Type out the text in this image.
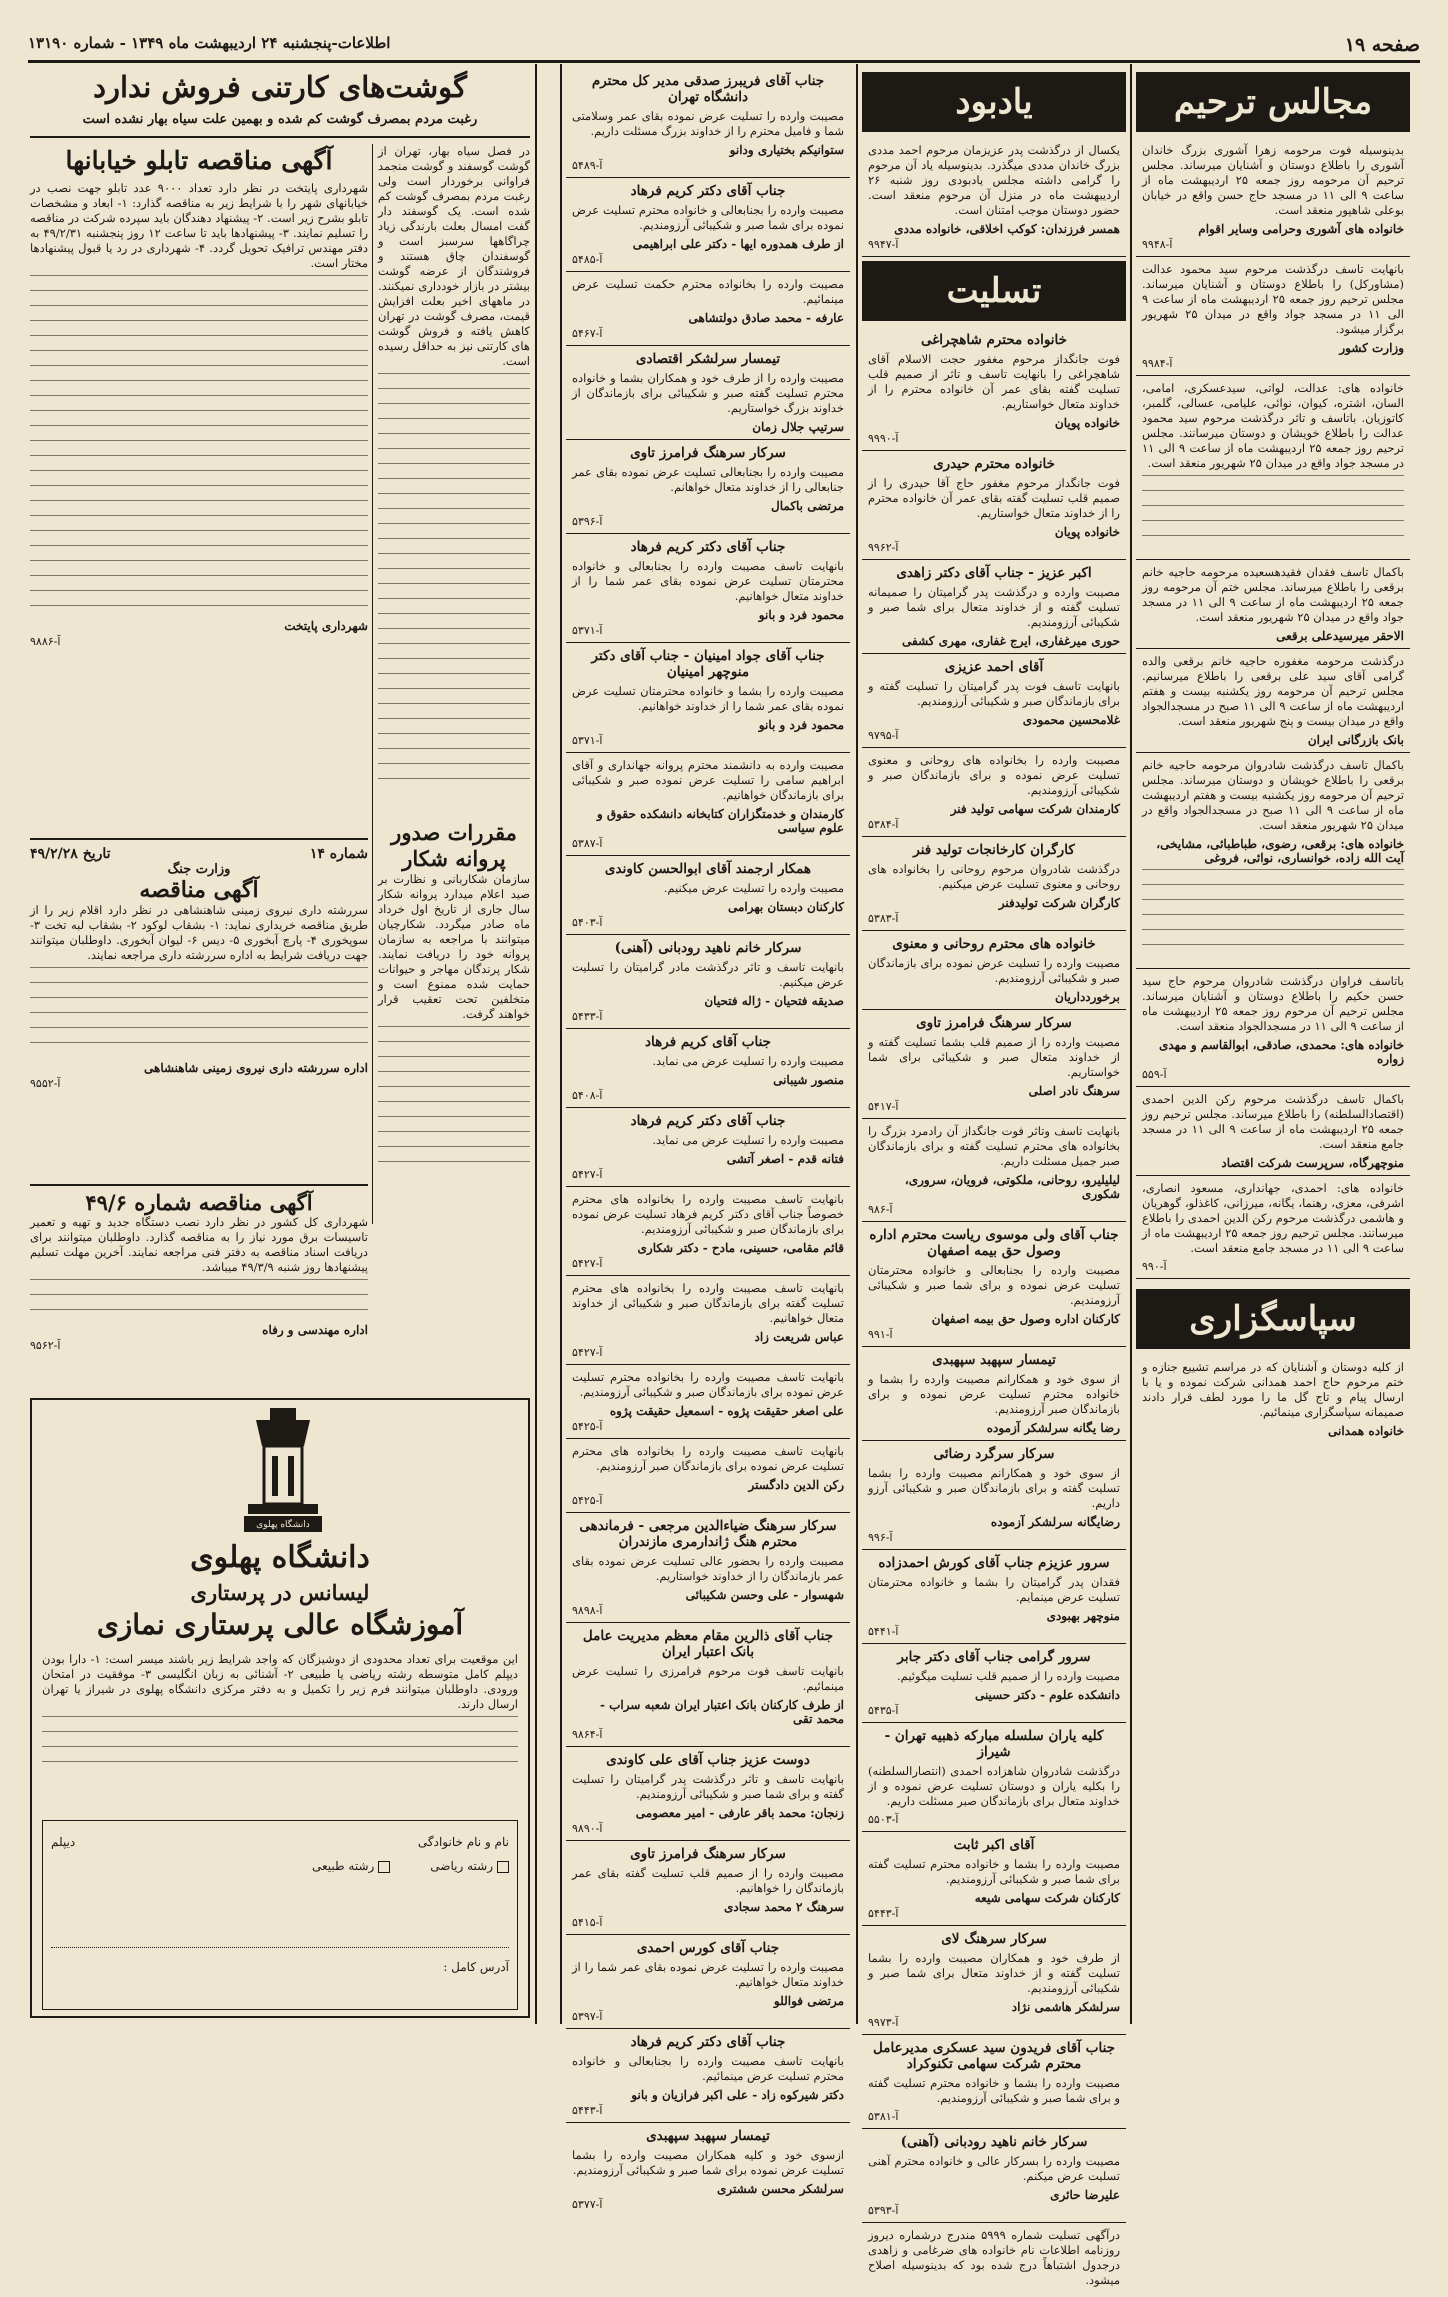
صفحه ۱۹
اطلاعات-پنجشنبه ۲۴ اردیبهشت ماه ۱۳۴۹ - شماره ۱۳۱۹۰
مجالس ترحیم

بدینوسیله فوت مرحومه زهرا آشوری بزرگ خاندان آشوری را باطلاع دوستان و آشنایان میرساند. مجلس ترحیم آن مرحومه روز جمعه ۲۵ اردیبهشت ماه از ساعت ۹ الی ۱۱ در مسجد حاج حسن واقع در خیابان بوعلی شاهپور منعقد است.

خانواده های آشوری وحرامی وسایر اقوام

آ-۹۹۴۸

بانهایت تاسف درگذشت مرحوم سید محمود عدالت (مشاورکل) را باطلاع دوستان و آشنایان میرساند. مجلس ترحیم روز جمعه ۲۵ اردیبهشت ماه از ساعت ۹ الی ۱۱ در مسجد جواد واقع در میدان ۲۵ شهریور برگزار میشود.

وزارت کشور

آ-۹۹۸۴

خانواده های: عدالت، لواتی، سیدعسکری، امامی، السان، اشتره، کیوان، نوائی، علیامی، عسالی، گلمبر، کاتوزیان. باتاسف و تاثر درگذشت مرحوم سید محمود عدالت را باطلاع خویشان و دوستان میرسانند. مجلس ترحیم روز جمعه ۲۵ اردیبهشت ماه از ساعت ۹ الی ۱۱ در مسجد جواد واقع در میدان ۲۵ شهریور منعقد است.

باکمال تاسف فقدان فقیدهسعیده مرحومه حاجیه خانم برقعی را باطلاع میرساند. مجلس ختم آن مرحومه روز جمعه ۲۵ اردیبهشت ماه از ساعت ۹ الی ۱۱ در مسجد جواد واقع در میدان ۲۵ شهریور منعقد است.

الاحقر میرسیدعلی برقعی

درگذشت مرحومه مغفوره حاجیه خانم برقعی والده گرامی آقای سید علی برقعی را باطلاع میرسانیم. مجلس ترحیم آن مرحومه روز یکشنبه بیست و هفتم اردیبهشت ماه از ساعت ۹ الی ۱۱ صبح در مسجدالجواد واقع در میدان بیست و پنج شهریور منعقد است.

بانک بازرگانی ایران

باکمال تاسف درگذشت شادروان مرحومه حاجیه خانم برقعی را باطلاع خویشان و دوستان میرساند. مجلس ترحیم آن مرحومه روز یکشنبه بیست و هفتم اردیبهشت ماه از ساعت ۹ الی ۱۱ صبح در مسجدالجواد واقع در میدان ۲۵ شهریور منعقد است.

خانواده های: برقعی، رضوی، طباطبائی، مشایخی، آیت الله زاده، خوانساری، نوائی، فروغی

باتاسف فراوان درگذشت شادروان مرحوم حاج سید حسن حکیم را باطلاع دوستان و آشنایان میرساند. مجلس ترحیم آن مرحوم روز جمعه ۲۵ اردیبهشت ماه از ساعت ۹ الی ۱۱ در مسجدالجواد منعقد است.

خانواده های: محمدی، صادقی، ابوالقاسم و مهدی زواره

آ-۵۵۹

باکمال تاسف درگذشت مرحوم رکن الدین احمدی (اقتصادالسلطنه) را باطلاع میرساند. مجلس ترحیم روز جمعه ۲۵ اردیبهشت ماه از ساعت ۹ الی ۱۱ در مسجد جامع منعقد است.

منوچهرگاه، سرپرست شرکت اقتصاد

خانواده های: احمدی، جهانداری، مسعود انصاری، اشرفی، معزی، رهنما، یگانه، میرزانی، کاغذلو، گوهریان و هاشمی درگذشت مرحوم رکن الدین احمدی را باطلاع میرسانند. مجلس ترحیم روز جمعه ۲۵ اردیبهشت ماه از ساعت ۹ الی ۱۱ در مسجد جامع منعقد است.

آ-۹۹۰

سپاسگزاری

از کلیه دوستان و آشنایان که در مراسم تشییع جنازه و ختم مرحوم حاج احمد همدانی شرکت نموده و یا با ارسال پیام و تاج گل ما را مورد لطف قرار دادند صمیمانه سپاسگزاری مینمائیم.

خانواده همدانی

یادبود

یکسال از درگذشت پدر عزیزمان مرحوم احمد مددی بزرگ خاندان مددی میگذرد. بدینوسیله یاد آن مرحوم را گرامی داشته مجلس یادبودی روز شنبه ۲۶ اردیبهشت ماه در منزل آن مرحوم منعقد است. حضور دوستان موجب امتنان است.

همسر فرزندان: کوکب اخلاقی، خانواده مددی

آ-۹۹۴۷

تسلیت

خانواده محترم شاهچراغی

فوت جانگداز مرحوم مغفور حجت الاسلام آقای شاهچراغی را بانهایت تاسف و تاثر از صمیم قلب تسلیت گفته بقای عمر آن خانواده محترم را از خداوند متعال خواستاریم.

خانواده پویان

آ-۹۹۹۰

خانواده محترم حیدری

فوت جانگداز مرحوم مغفور حاج آقا حیدری را از صمیم قلب تسلیت گفته بقای عمر آن خانواده محترم را از خداوند متعال خواستاریم.

خانواده پویان

آ-۹۹۶۲

اکبر عزیز - جناب آقای دکتر زاهدی

مصیبت وارده و درگذشت پدر گرامیتان را صمیمانه تسلیت گفته و از خداوند متعال برای شما صبر و شکیبائی آرزومندیم.

حوری میرغفاری، ایرج غفاری، مهری کشفی

آقای احمد عزیزی

بانهایت تاسف فوت پدر گرامیتان را تسلیت گفته و برای بازماندگان صبر و شکیبائی آرزومندیم.

غلامحسین محمودی

آ-۹۷۹۵

مصیبت وارده را بخانواده های روحانی و معنوی تسلیت عرض نموده و برای بازماندگان صبر و شکیبائی آرزومندیم.

کارمندان شرکت سهامی تولید فنر

آ-۵۳۸۴

کارگران کارخانجات تولید فنر

درگذشت شادروان مرحوم روحانی را بخانواده های روحانی و معنوی تسلیت عرض میکنیم.

کارگران شرکت تولیدفنر

آ-۵۳۸۳

خانواده های محترم روحانی و معنوی

مصیبت وارده را تسلیت عرض نموده برای بازماندگان صبر و شکیبائی آرزومندیم.

برخوردداریان

سرکار سرهنگ فرامرز تاوی

مصیبت وارده را از صمیم قلب بشما تسلیت گفته و از خداوند متعال صبر و شکیبائی برای شما خواستاریم.

سرهنگ نادر اصلی

آ-۵۴۱۷

بانهایت تاسف وتاثر فوت جانگداز آن رادمرد بزرگ را بخانواده های محترم تسلیت گفته و برای بازماندگان صبر جمیل مسئلت داریم.

لیلیلیرو، روحانی، ملکوتی، فرویان، سروری، شکوری

آ-۹۸۶

جناب آقای ولی موسوی ریاست محترم اداره وصول حق بیمه اصفهان

مصیبت وارده را بجنابعالی و خانواده محترمتان تسلیت عرض نموده و برای شما صبر و شکیبائی آرزومندیم.

کارکنان اداره وصول حق بیمه اصفهان

آ-۹۹۱

تیمسار سپهبد سپهبدی

از سوی خود و همکارانم مصیبت وارده را بشما و خانواده محترم تسلیت عرض نموده و برای بازماندگان صبر آرزومندیم.

رضا یگانه سرلشکر آزموده

سرکار سرگرد رضائی

از سوی خود و همکارانم مصیبت وارده را بشما تسلیت گفته و برای بازماندگان صبر و شکیبائی آرزو داریم.

رضایگانه سرلشکر آزموده

آ-۹۹۶

سرور عزیزم جناب آقای کورش احمدزاده

فقدان پدر گرامیتان را بشما و خانواده محترمتان تسلیت عرض مینمایم.

منوچهر بهبودی

آ-۵۴۴۱

سرور گرامی جناب آقای دکتر جابر

مصیبت وارده را از صمیم قلب تسلیت میگوئیم.

دانشکده علوم - دکتر حسینی

آ-۵۴۳۵

کلیه یاران سلسله مبارکه ذهبیه تهران - شیراز

درگذشت شادروان شاهزاده احمدی (انتصارالسلطنه) را بکلیه یاران و دوستان تسلیت عرض نموده و از خداوند متعال برای بازماندگان صبر مسئلت داریم.

آ-۵۵۰۳

آقای اکبر ثابت

مصیبت وارده را بشما و خانواده محترم تسلیت گفته برای شما صبر و شکیبائی آرزومندیم.

کارکنان شرکت سهامی شیعه

آ-۵۴۴۳

سرکار سرهنگ لای

از طرف خود و همکاران مصیبت وارده را بشما تسلیت گفته و از خداوند متعال برای شما صبر و شکیبائی آرزومندیم.

سرلشکر هاشمی نژاد

آ-۹۹۷۳

جناب آقای فریدون سید عسکری مدیرعامل محترم شرکت سهامی تکنوکراد

مصیبت وارده را بشما و خانواده محترم تسلیت گفته و برای شما صبر و شکیبائی آرزومندیم.

آ-۵۳۸۱

سرکار خانم ناهید رودبانی (آهنی)

مصیبت وارده را بسرکار عالی و خانواده محترم آهنی تسلیت عرض میکنم.

علیرضا حائری

آ-۵۳۹۳

درآگهی تسلیت شماره ۵۹۹۹ مندرج درشماره دیروز روزنامه اطلاعات نام خانواده های ضرغامی و زاهدی درجدول اشتباهاً درج شده بود که بدینوسیله اصلاح میشود.

جناب آقای فریبرز صدقی مدیر کل محترم دانشگاه تهران

مصیبت وارده را تسلیت عرض نموده بقای عمر وسلامتی شما و فامیل محترم را از خداوند بزرگ مسئلت داریم.

ستوانیکم بختیاری ودانو

آ-۵۴۸۹

جناب آقای دکتر کریم فرهاد

مصیبت وارده را بجنابعالی و خانواده محترم تسلیت عرض نموده برای شما صبر و شکیبائی آرزومندیم.

از طرف همدوره ایها - دکتر علی ابراهیمی

آ-۵۴۸۵

مصیبت وارده را بخانواده محترم حکمت تسلیت عرض مینمائیم.

عارفه - محمد صادق دولتشاهی

آ-۵۴۶۷

تیمسار سرلشکر اقتصادی

مصیبت وارده را از طرف خود و همکاران بشما و خانواده محترم تسلیت گفته صبر و شکیبائی برای بازماندگان از خداوند بزرگ خواستاریم.

سرتیپ جلال زمان

سرکار سرهنگ فرامرز تاوی

مصیبت وارده را بجنابعالی تسلیت عرض نموده بقای عمر جنابعالی را از خداوند متعال خواهانم.

مرتضی باکمال

آ-۵۳۹۶

جناب آقای دکتر کریم فرهاد

بانهایت تاسف مصیبت وارده را بجنابعالی و خانواده محترمتان تسلیت عرض نموده بقای عمر شما را از خداوند متعال خواهانیم.

محمود فرد و بانو

آ-۵۳۷۱

جناب آقای جواد امینیان - جناب آقای دکتر منوچهر امینیان

مصیبت وارده را بشما و خانواده محترمتان تسلیت عرض نموده بقای عمر شما را از خداوند خواهانیم.

محمود فرد و بانو

آ-۵۳۷۱

مصیبت وارده به دانشمند محترم پروانه جهانداری و آقای ابراهیم سامی را تسلیت عرض نموده صبر و شکیبائی برای بازماندگان خواهانیم.

کارمندان و خدمتگزاران کتابخانه دانشکده حقوق و علوم سیاسی

آ-۵۳۸۷

همکار ارجمند آقای ابوالحسن کاوندی

مصیبت وارده را تسلیت عرض میکنیم.

کارکنان دبستان بهرامی

آ-۵۴۰۳

سرکار خانم ناهید رودبانی (آهنی)

بانهایت تاسف و تاثر درگذشت مادر گرامیتان را تسلیت عرض میکنیم.

صدیقه فتحیان - ژاله فتحیان

آ-۵۴۳۳

جناب آقای کریم فرهاد

مصیبت وارده را تسلیت عرض می نماید.

منصور شیبانی

آ-۵۴۰۸

جناب آقای دکتر کریم فرهاد

مصیبت وارده را تسلیت عرض می نماید.

فتانه قدم - اصغر آتشی

آ-۵۴۲۷

بانهایت تاسف مصیبت وارده را بخانواده های محترم خصوصاً جناب آقای دکتر کریم فرهاد تسلیت عرض نموده برای بازماندگان صبر و شکیبائی آرزومندیم.

قائم مقامی، حسینی، مادح - دکتر شکاری

آ-۵۴۲۷

بانهایت تاسف مصیبت وارده را بخانواده های محترم تسلیت گفته برای بازماندگان صبر و شکیبائی از خداوند متعال خواهانیم.

عباس شریعت زاد

آ-۵۴۲۷

بانهایت تاسف مصیبت وارده را بخانواده محترم تسلیت عرض نموده برای بازماندگان صبر و شکیبائی آرزومندیم.

علی اصغر حقیقت پژوه - اسمعیل حقیقت پژوه

آ-۵۴۲۵

بانهایت تاسف مصیبت وارده را بخانواده های محترم تسلیت عرض نموده برای بازماندگان صبر آرزومندیم.

رکن الدین دادگستر

آ-۵۴۲۵

سرکار سرهنگ ضیاءالدین مرجعی - فرماندهی محترم هنگ ژاندارمری مازندران

مصیبت وارده را بحضور عالی تسلیت عرض نموده بقای عمر بازماندگان را از خداوند خواستاریم.

شهسوار - علی وحسن شکیبائی

آ-۹۸۹۸

جناب آقای ذالرین مقام معظم مدیریت عامل بانک اعتبار ایران

بانهایت تاسف فوت مرحوم فرامرزی را تسلیت عرض مینمائیم.

از طرف کارکنان بانک اعتبار ایران شعبه سراب - محمد تقی

آ-۹۸۶۴

دوست عزیز جناب آقای علی کاوندی

بانهایت تاسف و تاثر درگذشت پدر گرامیتان را تسلیت گفته و برای شما صبر و شکیبائی آرزومندیم.

زنجان: محمد باقر عارفی - امیر معصومی

آ-۹۸۹۰

سرکار سرهنگ فرامرز تاوی

مصیبت وارده را از صمیم قلب تسلیت گفته بقای عمر بازماندگان را خواهانیم.

سرهنگ ۲ محمد سجادی

آ-۵۴۱۵

جناب آقای کورس احمدی

مصیبت وارده را تسلیت عرض نموده بقای عمر شما را از خداوند متعال خواهانیم.

مرتضی فواللو

آ-۵۳۹۷

جناب آقای دکتر کریم فرهاد

بانهایت تاسف مصیبت وارده را بجنابعالی و خانواده محترم تسلیت عرض مینمائیم.

دکتر شیرکوه زاد - علی اکبر فرازیان و بانو

آ-۵۴۴۳

تیمسار سپهبد سپهبدی

ازسوی خود و کلیه همکاران مصیبت وارده را بشما تسلیت عرض نموده برای شما صبر و شکیبائی آرزومندیم.

سرلشکر محسن ششتری

آ-۵۳۷۷

گوشت‌های کارتنی فروش ندارد
رغبت مردم بمصرف گوشت کم شده و بهمین علت سیاه بهار نشده است

در فصل سیاه بهار، تهران از گوشت گوسفند و گوشت منجمد فراوانی برخوردار است ولی رغبت مردم بمصرف گوشت کم شده است. یک گوسفند دار گفت امسال بعلت بارندگی زیاد چراگاهها سرسبز است و گوسفندان چاق هستند و فروشندگان از عرضه گوشت بیشتر در بازار خودداری نمیکنند. در ماههای اخیر بعلت افزایش قیمت، مصرف گوشت در تهران کاهش یافته و فروش گوشت های کارتنی نیز به حداقل رسیده است.

آگهی مناقصه تابلو خیابانها

شهرداری پایتخت در نظر دارد تعداد ۹۰۰۰ عدد تابلو جهت نصب در خیابانهای شهر را با شرایط زیر به مناقصه گذارد: ۱- ابعاد و مشخصات تابلو بشرح زیر است. ۲- پیشنهاد دهندگان باید سپرده شرکت در مناقصه را تسلیم نمایند. ۳- پیشنهادها باید تا ساعت ۱۲ روز پنجشنبه ۴۹/۲/۳۱ به دفتر مهندس ترافیک تحویل گردد. ۴- شهرداری در رد یا قبول پیشنهادها مختار است.

شهرداری پایتخت

آ-۹۸۸۶

شماره ۱۴
تاریخ ۴۹/۲/۲۸
وزارت جنگ
آگهی مناقصه

سررشته داری نیروی زمینی شاهنشاهی در نظر دارد اقلام زیر را از طریق مناقصه خریداری نماید: ۱- بشقاب لوکود ۲- بشقاب لبه تخت ۳- سوپخوری ۴- پارچ آبخوری ۵- دیس ۶- لیوان آبخوری. داوطلبان میتوانند جهت دریافت شرایط به اداره سررشته داری مراجعه نمایند.

اداره سررشته داری نیروی زمینی شاهنشاهی

آ-۹۵۵۲

مقررات صدور پروانه شکار

سازمان شکاربانی و نظارت بر صید اعلام میدارد پروانه شکار سال جاری از تاریخ اول خرداد ماه صادر میگردد. شکارچیان میتوانند با مراجعه به سازمان پروانه خود را دریافت نمایند. شکار پرندگان مهاجر و حیوانات حمایت شده ممنوع است و متخلفین تحت تعقیب قرار خواهند گرفت.

آگهی مناقصه شماره ۴۹/۶

شهرداری کل کشور در نظر دارد نصب دستگاه جدید و تهیه و تعمیر تاسیسات برق مورد نیاز را به مناقصه گذارد. داوطلبان میتوانند برای دریافت اسناد مناقصه به دفتر فنی مراجعه نمایند. آخرین مهلت تسلیم پیشنهادها روز شنبه ۴۹/۳/۹ میباشد.

اداره مهندسی و رفاه

آ-۹۵۶۲

دانشگاه پهلوی
دانشگاه پهلوی
لیسانس در پرستاری
آموزشگاه عالی پرستاری نمازی

این موقعیت برای تعداد محدودی از دوشیزگان که واجد شرایط زیر باشند میسر است: ۱- دارا بودن دیپلم کامل متوسطه رشته ریاضی یا طبیعی ۲- آشنائی به زبان انگلیسی ۳- موفقیت در امتحان ورودی. داوطلبان میتوانند فرم زیر را تکمیل و به دفتر مرکزی دانشگاه پهلوی در شیراز یا تهران ارسال دارند.

نام و نام خانوادگی
دیپلم
رشته ریاضی
رشته طبیعی
آدرس کامل :
